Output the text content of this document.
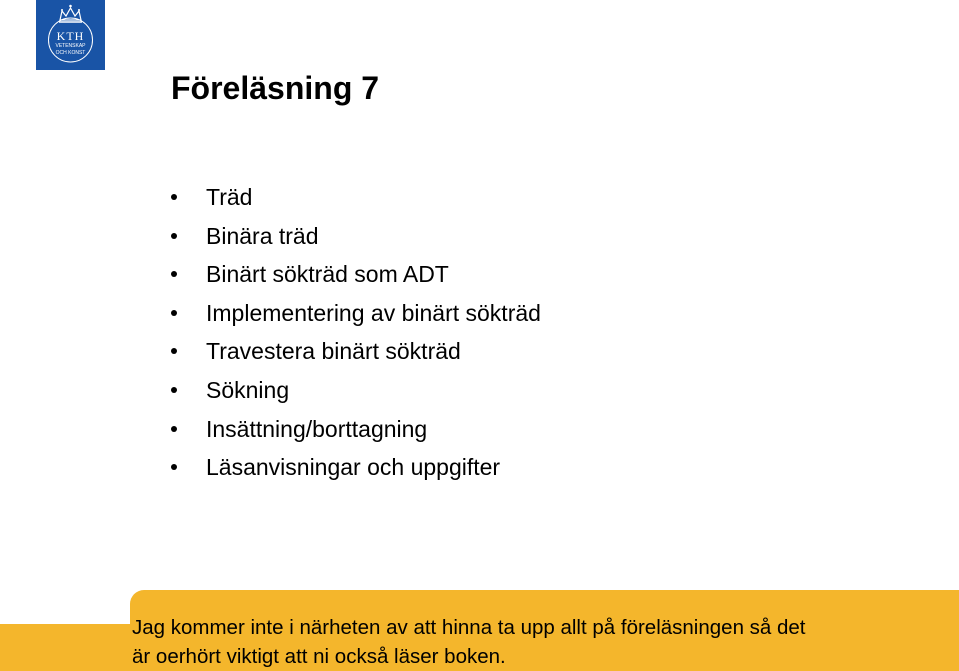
KTH
VETENSKAP
OCH KONST
Föreläsning 7
Träd
Binära träd
Binärt sökträd som ADT
Implementering av binärt sökträd
Travestera binärt sökträd
Sökning
Insättning/borttagning
Läsanvisningar och uppgifter

Jag kommer inte i närheten av att hinna ta upp allt på föreläsningen så det
är oerhört viktigt att ni också läser boken.
